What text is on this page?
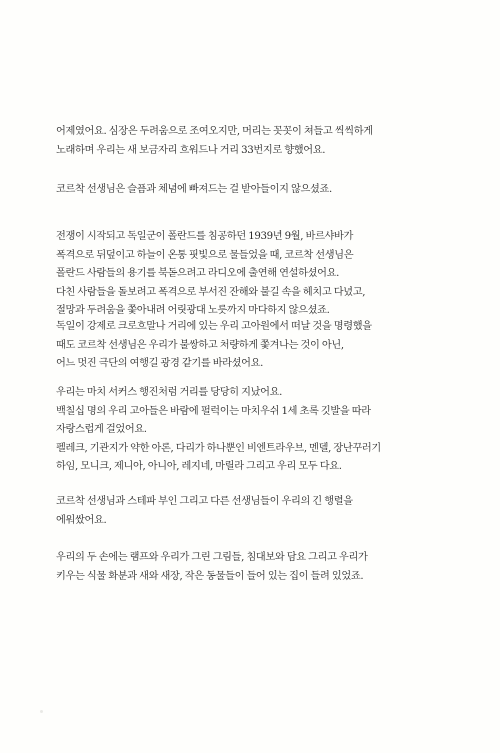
어제였어요. 심장은 두려움으로 조여오지만, 머리는 꼿꼿이 쳐들고 씩씩하게
노래하며 우리는 새 보금자리 흐워드나 거리 33번지로 향했어요.
코르착 선생님은 슬픔과 체념에 빠져드는 걸 받아들이지 않으셨죠.
전쟁이 시작되고 독일군이 폴란드를 침공하던 1939년 9월, 바르샤바가
폭격으로 뒤덮이고 하늘이 온통 핏빛으로 물들었을 때, 코르착 선생님은
폴란드 사람들의 용기를 북돋으려고 라디오에 출연해 연설하셨어요.
다친 사람들을 돌보려고 폭격으로 부서진 잔해와 불길 속을 헤치고 다녔고,
절망과 두려움을 쫓아내려 어릿광대 노릇까지 마다하지 않으셨죠.
독일이 강제로 크로흐말나 거리에 있는 우리 고아원에서 떠날 것을 명령했을
때도 코르착 선생님은 우리가 불쌍하고 처량하게 쫓겨나는 것이 아닌,
어느 멋진 극단의 여행길 광경 같기를 바라셨어요.
우리는 마치 서커스 행진처럼 거리를 당당히 지났어요.
백칠십 명의 우리 고아들은 바람에 펄럭이는 마치우쉬 1세 초록 깃발을 따라
자랑스럽게 걸었어요.
펠레크, 기관지가 약한 아론, 다리가 하나뿐인 비엔트라우브, 멘델, 장난꾸러기
하임, 모니크, 제니아, 아니아, 레지네, 마릴라 그리고 우리 모두 다요.
코르착 선생님과 스테파 부인 그리고 다른 선생님들이 우리의 긴 행렬을
에워쌌어요.
우리의 두 손에는 램프와 우리가 그린 그림들, 침대보와 담요 그리고 우리가
키우는 식물 화분과 새와 새장, 작은 동물들이 들어 있는 집이 들려 있었죠.
